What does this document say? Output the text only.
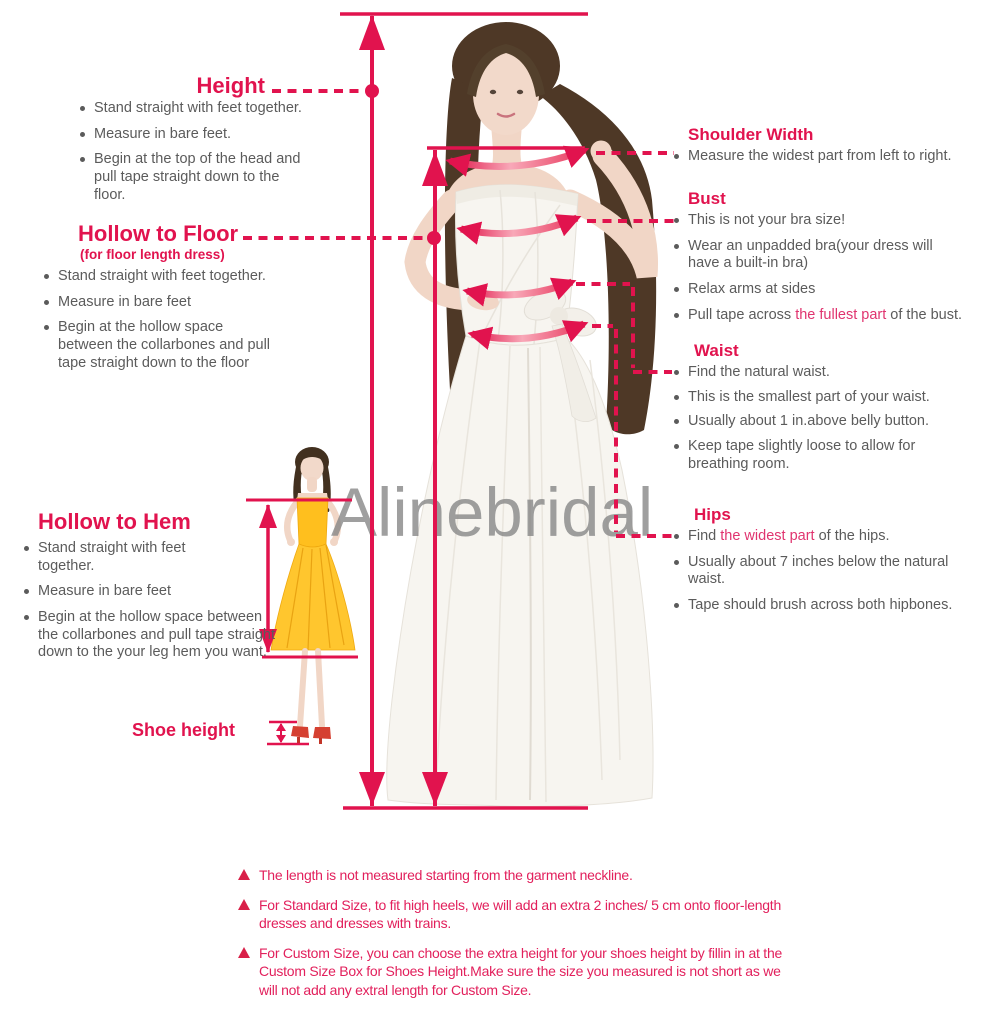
Alinebridal
Height
Stand straight with feet together.
Measure in bare feet.
Begin at the top of the head and pull tape straight down to the floor.
Hollow to Floor
(for floor length dress)
Stand straight with feet together.
Measure in bare feet
Begin at the hollow space between the collarbones and pull tape straight down to the floor
Hollow to Hem
Stand straight with feet together.
Measure in bare feet
Begin at the hollow space between the collarbones and pull tape straight down to the your leg hem you want.
Shoe height
Shoulder Width
Measure the widest part from left to right.
Bust
This is not your bra size!
Wear an unpadded bra(your dress will have a built-in bra)
Relax arms at sides
Pull tape across the fullest part of the bust.
Waist
Find the natural waist.
This is the smallest part of your waist.
Usually about 1 in.above belly button.
Keep tape slightly loose to allow for breathing room.
Hips
Find the widest part of the hips.
Usually about 7 inches below the natural waist.
Tape should brush across both hipbones.
The length is not measured starting from the garment neckline.
For Standard Size, to fit high heels, we will add an extra 2 inches/ 5 cm onto floor-length dresses and dresses with trains.
For Custom Size, you can choose the extra height for your shoes height by fillin in at the Custom Size Box for Shoes Height.Make sure the size you measured is not short as we will not add any extral length for Custom Size.
